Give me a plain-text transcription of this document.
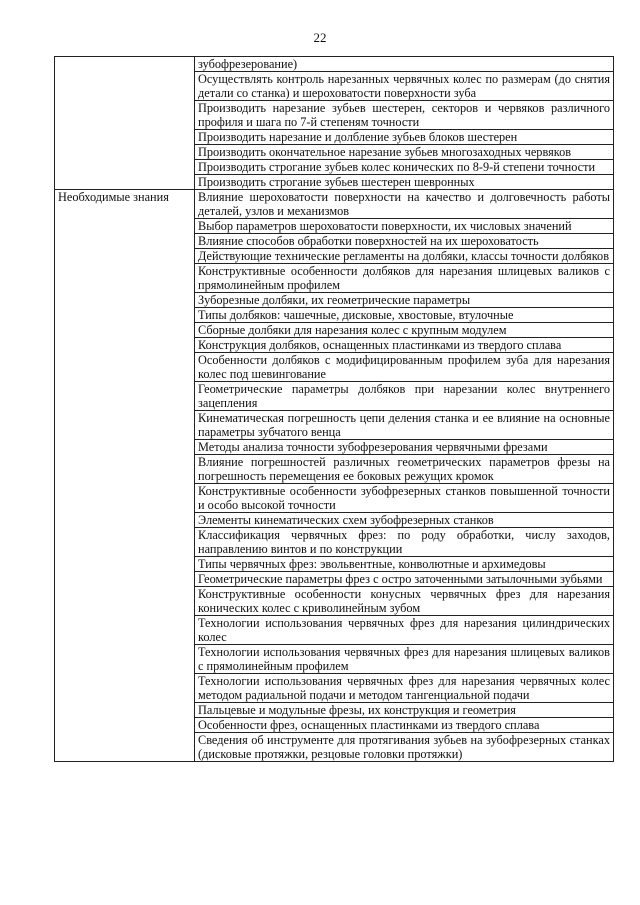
22
	зубофрезерование)
	Осуществлять контроль нарезанных червячных колес по размерам (до снятия детали со станка) и шероховатости поверхности зуба
	Производить нарезание зубьев шестерен, секторов и червяков различного профиля и шага по 7-й степеням точности
	Производить нарезание и долбление зубьев блоков шестерен
	Производить окончательное нарезание зубьев многозаходных червяков
	Производить строгание зубьев колес конических по 8-9-й степени точности
	Производить строгание зубьев шестерен шевронных
Необходимые знания	Влияние шероховатости поверхности на качество и долговечность работы деталей, узлов и механизмов
	Выбор параметров шероховатости поверхности, их числовых значений
	Влияние способов обработки поверхностей на их шероховатость
	Действующие технические регламенты на долбяки, классы точности долбяков
	Конструктивные особенности долбяков для нарезания шлицевых валиков с прямолинейным профилем
	Зуборезные долбяки, их геометрические параметры
	Типы долбяков: чашечные, дисковые, хвостовые, втулочные
	Сборные долбяки для нарезания колес с крупным модулем
	Конструкция долбяков, оснащенных пластинками из твердого сплава
	Особенности долбяков с модифицированным профилем зуба для нарезания колес под шевингование
	Геометрические параметры долбяков при нарезании колес внутреннего зацепления
	Кинематическая погрешность цепи деления станка и ее влияние на основные параметры зубчатого венца
	Методы анализа точности зубофрезерования червячными фрезами
	Влияние погрешностей различных геометрических параметров фрезы на погрешность перемещения ее боковых режущих кромок
	Конструктивные особенности зубофрезерных станков повышенной точности и особо высокой точности
	Элементы кинематических схем зубофрезерных станков
	Классификация червячных фрез: по роду обработки, числу заходов, направлению винтов и по конструкции
	Типы червячных фрез: эвольвентные, конволютные и архимедовы
	Геометрические параметры фрез с остро заточенными затылочными зубьями
	Конструктивные особенности конусных червячных фрез для нарезания конических колес с криволинейным зубом
	Технологии использования червячных фрез для нарезания цилиндрических колес
	Технологии использования червячных фрез для нарезания шлицевых валиков с прямолинейным профилем
	Технологии использования червячных фрез для нарезания червячных колес методом радиальной подачи и методом тангенциальной подачи
	Пальцевые и модульные фрезы, их конструкция и геометрия
	Особенности фрез, оснащенных пластинками из твердого сплава
	Сведения об инструменте для протягивания зубьев на зубофрезерных станках (дисковые протяжки, резцовые головки протяжки)
